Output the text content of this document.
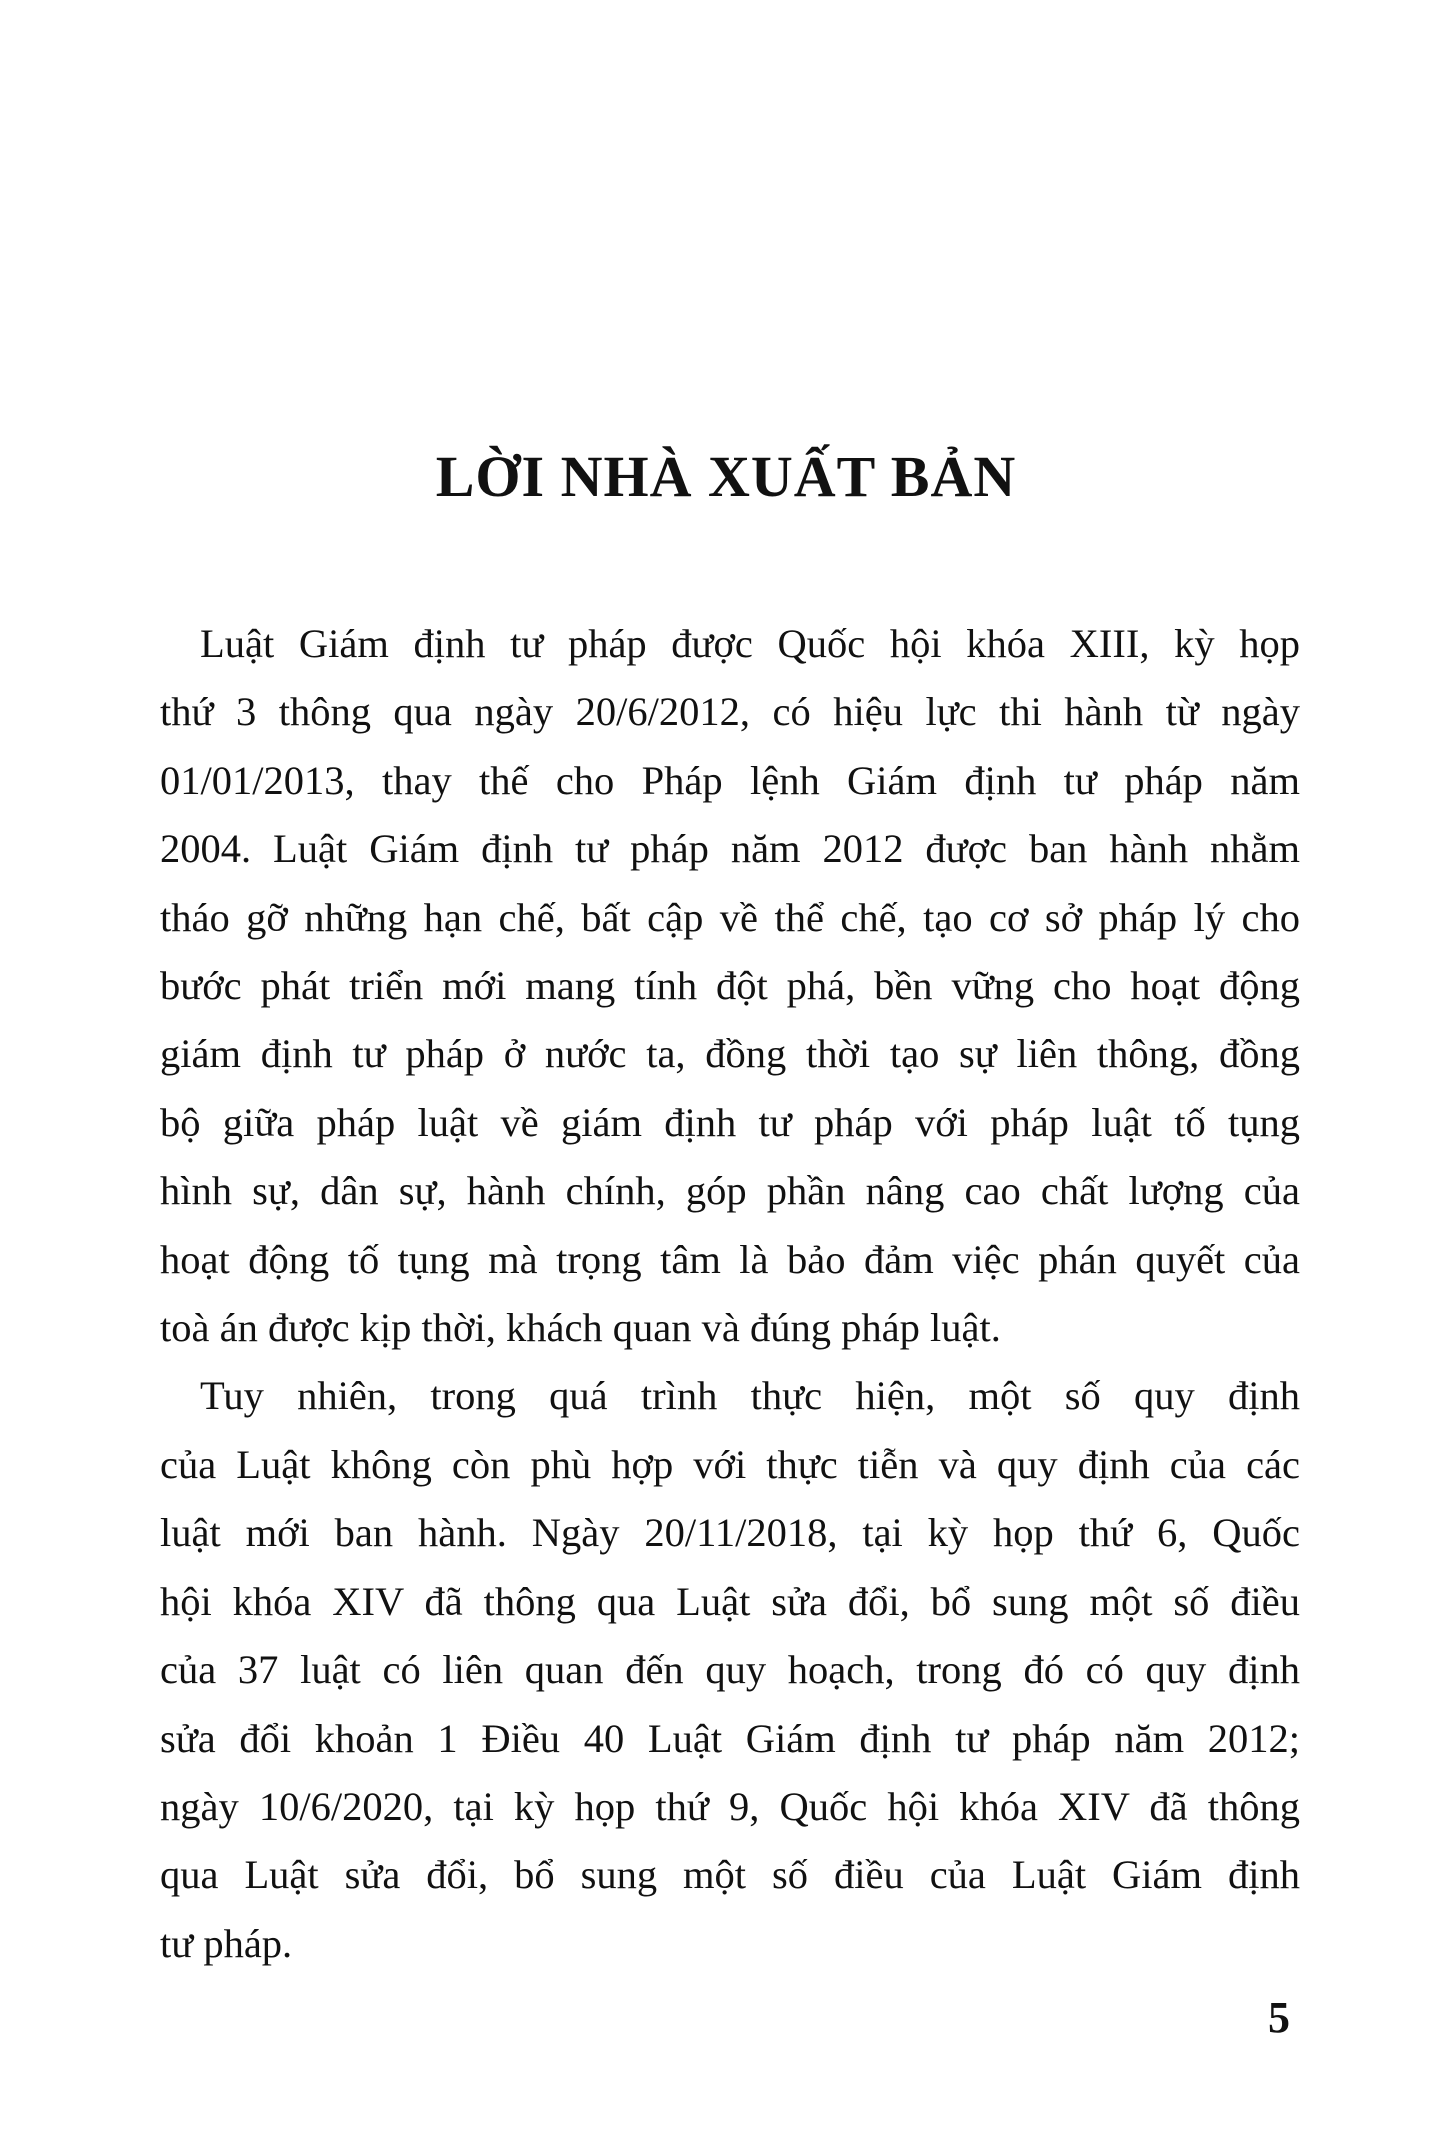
LỜI NHÀ XUẤT BẢN
Luật Giám định tư pháp được Quốc hội khóa XIII, kỳ họp
thứ 3 thông qua ngày 20/6/2012, có hiệu lực thi hành từ ngày
01/01/2013, thay thế cho Pháp lệnh Giám định tư pháp năm
2004. Luật Giám định tư pháp năm 2012 được ban hành nhằm
tháo gỡ những hạn chế, bất cập về thể chế, tạo cơ sở pháp lý cho
bước phát triển mới mang tính đột phá, bền vững cho hoạt động
giám định tư pháp ở nước ta, đồng thời tạo sự liên thông, đồng
bộ giữa pháp luật về giám định tư pháp với pháp luật tố tụng
hình sự, dân sự, hành chính, góp phần nâng cao chất lượng của
hoạt động tố tụng mà trọng tâm là bảo đảm việc phán quyết của
toà án được kịp thời, khách quan và đúng pháp luật.
Tuy nhiên, trong quá trình thực hiện, một số quy định
của Luật không còn phù hợp với thực tiễn và quy định của các
luật mới ban hành. Ngày 20/11/2018, tại kỳ họp thứ 6, Quốc
hội khóa XIV đã thông qua Luật sửa đổi, bổ sung một số điều
của 37 luật có liên quan đến quy hoạch, trong đó có quy định
sửa đổi khoản 1 Điều 40 Luật Giám định tư pháp năm 2012;
ngày 10/6/2020, tại kỳ họp thứ 9, Quốc hội khóa XIV đã thông
qua Luật sửa đổi, bổ sung một số điều của Luật Giám định
tư pháp.
5
